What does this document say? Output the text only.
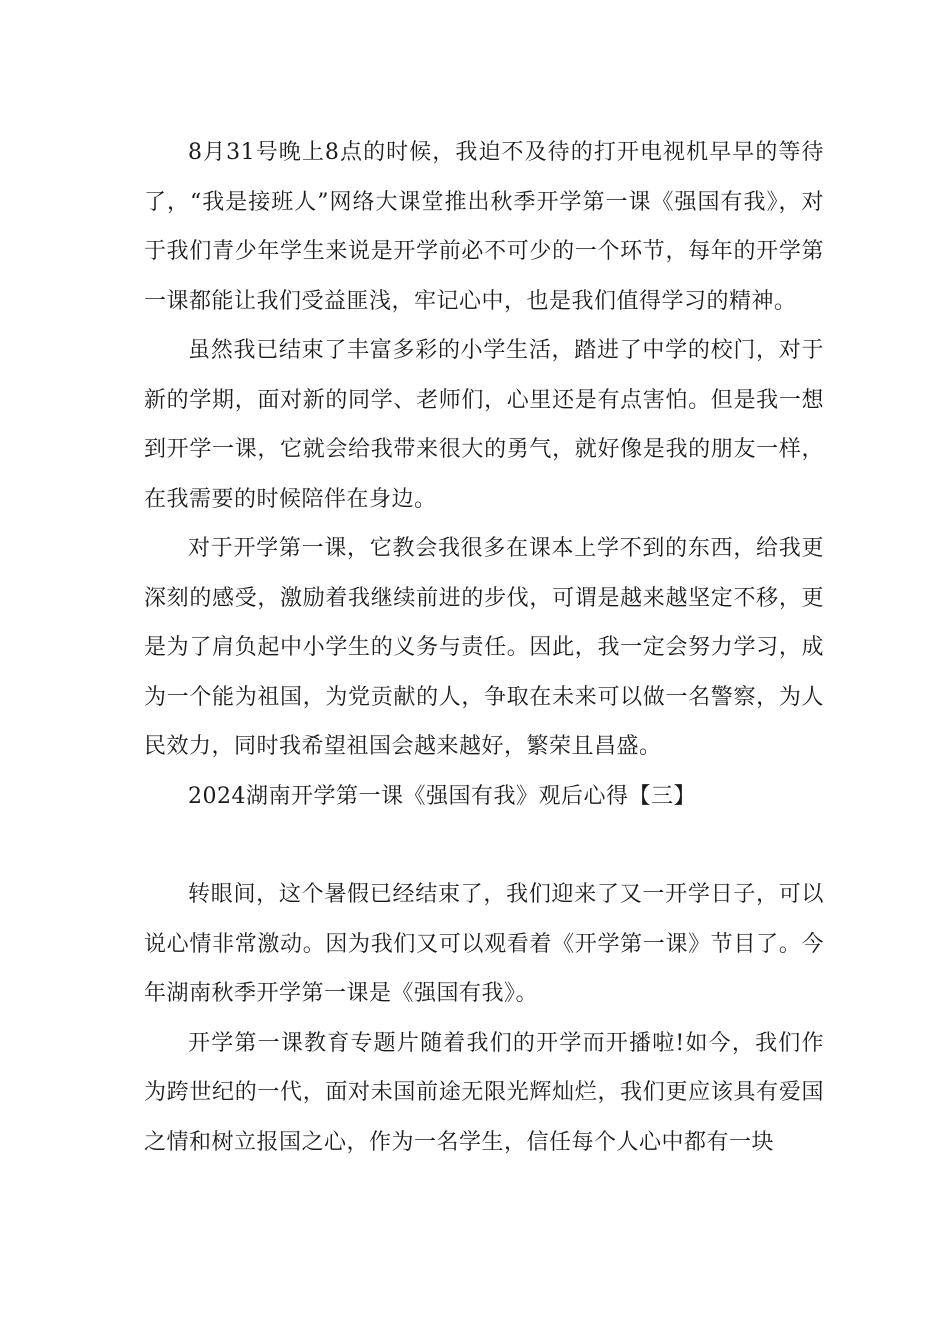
8月31号晚上8点的时候，我迫不及待的打开电视机早早的等待了，“我是接班人”网络大课堂推出秋季开学第一课《强国有我》，对于我们青少年学生来说是开学前必不可少的一个环节，每年的开学第一课都能让我们受益匪浅，牢记心中，也是我们值得学习的精神。

虽然我已结束了丰富多彩的小学生活，踏进了中学的校门，对于新的学期，面对新的同学、老师们，心里还是有点害怕。但是我一想到开学一课，它就会给我带来很大的勇气，就好像是我的朋友一样，在我需要的时候陪伴在身边。

对于开学第一课，它教会我很多在课本上学不到的东西，给我更深刻的感受，激励着我继续前进的步伐，可谓是越来越坚定不移，更是为了肩负起中小学生的义务与责任。因此，我一定会努力学习，成为一个能为祖国，为党贡献的人，争取在未来可以做一名警察，为人民效力，同时我希望祖国会越来越好，繁荣且昌盛。

2024湖南开学第一课《强国有我》观后心得【三】

转眼间，这个暑假已经结束了，我们迎来了又一开学日子，可以说心情非常激动。因为我们又可以观看着《开学第一课》节目了。今年湖南秋季开学第一课是《强国有我》。

开学第一课教育专题片随着我们的开学而开播啦!如今，我们作为跨世纪的一代，面对未国前途无限光辉灿烂，我们更应该具有爱国之情和树立报国之心，作为一名学生，信任每个人心中都有一块
